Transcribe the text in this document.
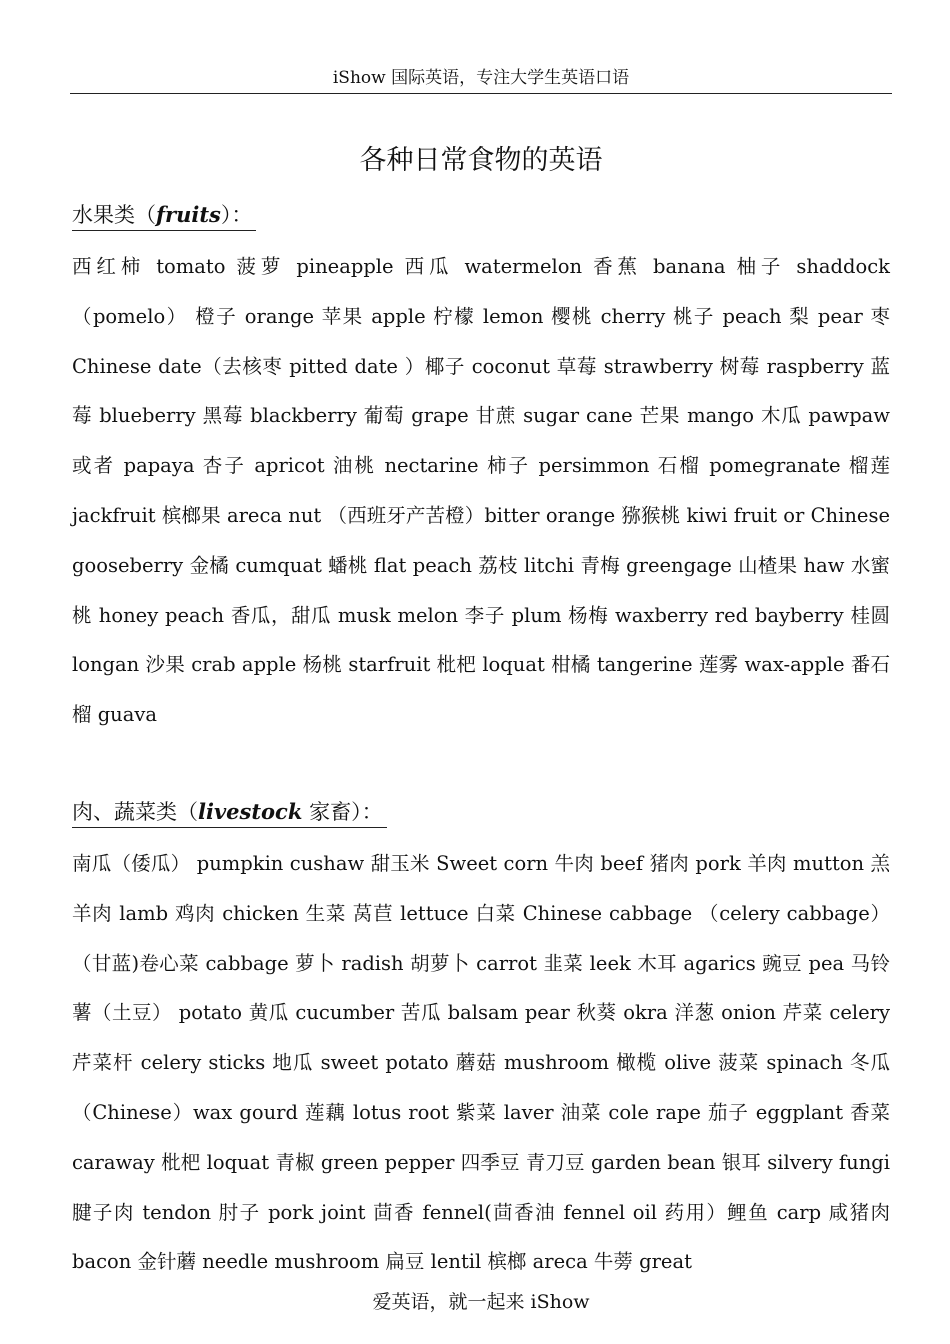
iShow 国际英语，专注大学生英语口语
各种日常食物的英语
水果类（fruits）：
西红柿 tomato 菠萝 pineapple 西瓜 watermelon 香蕉 banana 柚子 shaddock（pomelo） 橙子 orange 苹果 apple 柠檬 lemon 樱桃 cherry 桃子 peach 梨 pear 枣 Chinese date（去核枣 pitted date ）椰子 coconut 草莓 strawberry 树莓 raspberry 蓝莓 blueberry 黑莓 blackberry 葡萄 grape 甘蔗 sugar cane 芒果 mango 木瓜 pawpaw 或者 papaya 杏子 apricot 油桃 nectarine 柿子 persimmon 石榴 pomegranate 榴莲 jackfruit 槟榔果 areca nut （西班牙产苦橙）bitter orange 猕猴桃 kiwi fruit or Chinese gooseberry 金橘 cumquat 蟠桃 flat peach 荔枝 litchi 青梅 greengage 山楂果 haw 水蜜桃 honey peach 香瓜，甜瓜 musk melon 李子 plum 杨梅 waxberry red bayberry 桂圆 longan 沙果 crab apple 杨桃 starfruit 枇杷 loquat 柑橘 tangerine 莲雾 wax-apple 番石榴 guava
肉、蔬菜类（livestock 家畜）：
南瓜（倭瓜） pumpkin cushaw 甜玉米 Sweet corn 牛肉 beef 猪肉 pork 羊肉 mutton 羔羊肉 lamb 鸡肉 chicken 生菜 莴苣 lettuce 白菜 Chinese cabbage （celery cabbage）（甘蓝)卷心菜 cabbage 萝卜 radish 胡萝卜 carrot 韭菜 leek 木耳 agarics 豌豆 pea 马铃薯（土豆） potato 黄瓜 cucumber 苦瓜 balsam pear 秋葵 okra 洋葱 onion 芹菜 celery 芹菜杆 celery sticks 地瓜 sweet potato 蘑菇 mushroom 橄榄 olive 菠菜 spinach 冬瓜 （Chinese）wax gourd 莲藕 lotus root 紫菜 laver 油菜 cole rape 茄子 eggplant 香菜 caraway 枇杷 loquat 青椒 green pepper 四季豆 青刀豆 garden bean 银耳 silvery fungi 腱子肉 tendon 肘子 pork joint 茴香 fennel(茴香油 fennel oil 药用）鲤鱼 carp 咸猪肉 bacon 金针蘑 needle mushroom 扁豆 lentil 槟榔 areca 牛蒡 great
爱英语，就一起来 iShow
